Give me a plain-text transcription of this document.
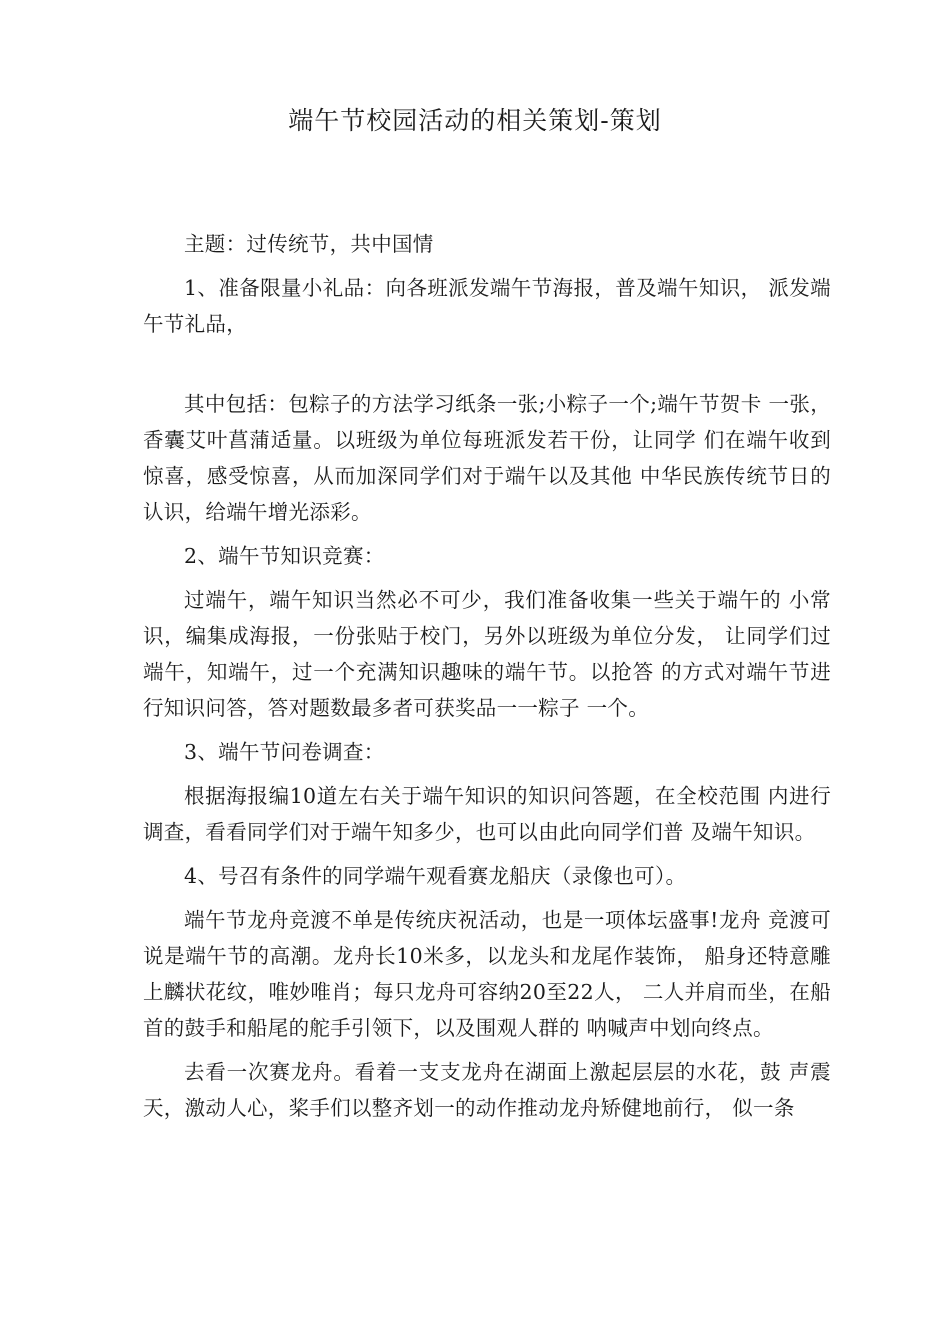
端午节校园活动的相关策划-策划

主题：过传统节，共中国情

1、准备限量小礼品：向各班派发端午节海报，普及端午知识， 派发端午节礼品，

其中包括：包粽子的方法学习纸条一张;小粽子一个;端午节贺卡 一张，香囊艾叶菖蒲适量。以班级为单位每班派发若干份，让同学 们在端午收到惊喜，感受惊喜，从而加深同学们对于端午以及其他 中华民族传统节日的认识，给端午增光添彩。

2、端午节知识竞赛：

过端午，端午知识当然必不可少，我们准备收集一些关于端午的 小常识，编集成海报，一份张贴于校门，另外以班级为单位分发， 让同学们过端午，知端午，过一个充满知识趣味的端午节。以抢答 的方式对端午节进行知识问答，答对题数最多者可获奖品一一粽子 一个。

3、端午节问卷调查：

根据海报编10道左右关于端午知识的知识问答题，在全校范围 内进行调查，看看同学们对于端午知多少，也可以由此向同学们普 及端午知识。

4、号召有条件的同学端午观看赛龙船庆（录像也可）。

端午节龙舟竞渡不单是传统庆祝活动，也是一项体坛盛事!龙舟 竞渡可说是端午节的高潮。龙舟长10米多，以龙头和龙尾作装饰， 船身还特意雕上麟状花纹，唯妙唯肖；每只龙舟可容纳20至22人， 二人并肩而坐，在船首的鼓手和船尾的舵手引领下，以及围观人群的 呐喊声中划向终点。

去看一次赛龙舟。看着一支支龙舟在湖面上激起层层的水花，鼓 声震天，激动人心，桨手们以整齐划一的动作推动龙舟矫健地前行， 似一条
